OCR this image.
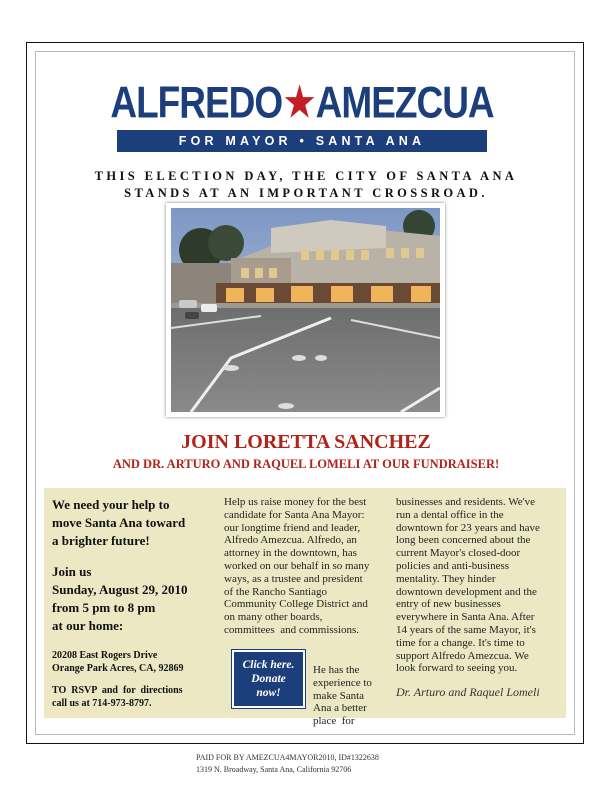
ALFREDO ★ AMEZCUA
FOR MAYOR • SANTA ANA
THIS ELECTION DAY, THE CITY OF SANTA ANA
STANDS AT AN IMPORTANT CROSSROAD.
JOIN LORETTA SANCHEZ
AND DR. ARTURO AND RAQUEL LOMELI AT OUR FUNDRAISER!
We need your help to
move Santa Ana toward
a brighter future!
Join us
Sunday, August 29, 2010
from 5 pm to 8 pm
at our home:
20208 East Rogers Drive
Orange Park Acres, CA, 92869
TO  RSVP  and  for  directions
call us at 714-973-8797.
Help us raise money for the best
candidate for Santa Ana Mayor:
our longtime friend and leader,
Alfredo Amezcua. Alfredo, an
attorney in the downtown, has
worked on our behalf in so many
ways, as a trustee and president
of the Rancho Santiago
Community College District and
on many other boards,
committees  and commissions.
He has the
experience to
make Santa
Ana a better
place  for
Click here.
Donate
now!
businesses and residents. We've
run a dental office in the
downtown for 23 years and have
long been concerned about the
current Mayor's closed-door
policies and anti-business
mentality. They hinder
downtown development and the
entry of new businesses
everywhere in Santa Ana. After
14 years of the same Mayor, it's
time for a change. It's time to
support Alfredo Amezcua. We
look forward to seeing you.
Dr. Arturo and Raquel Lomeli
PAID FOR BY AMEZCUA4MAYOR2010, ID#1322638
1319 N. Broadway, Santa Ana, California 92706
